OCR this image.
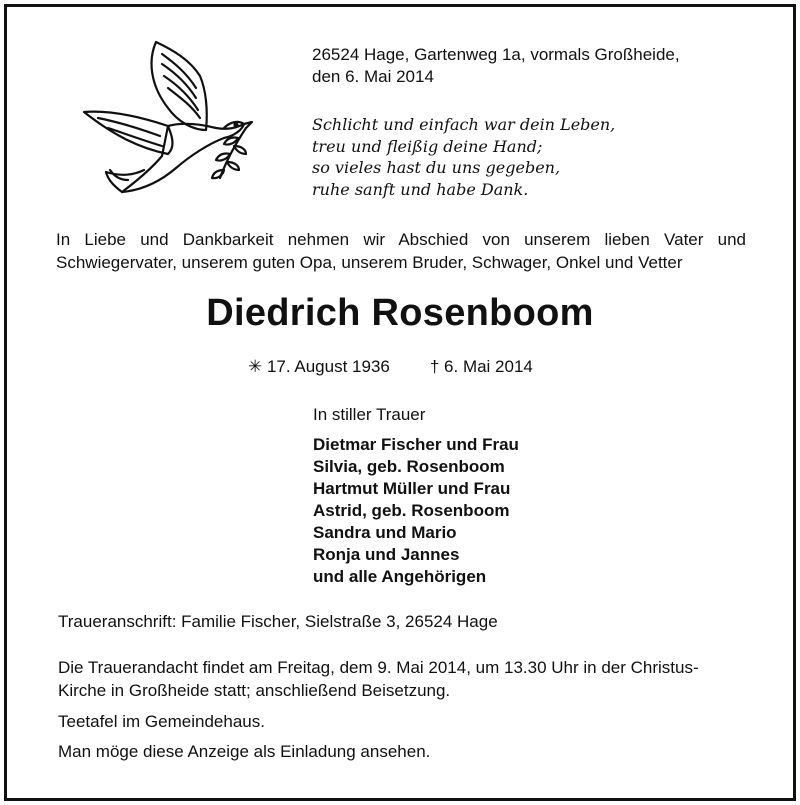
26524 Hage, Gartenweg 1a, vormals Großheide,
den 6. Mai 2014
Schlicht und einfach war dein Leben,
treu und fleißig deine Hand;
so vieles hast du uns gegeben,
ruhe sanft und habe Dank.
In Liebe und Dankbarkeit nehmen wir Abschied von unserem lieben Vater und
Schwiegervater, unserem guten Opa, unserem Bruder, Schwager, Onkel und Vetter
Diedrich Rosenboom
✳ 17. August 1936 † 6. Mai 2014
In stiller Trauer
Dietmar Fischer und Frau
Silvia, geb. Rosenboom
Hartmut Müller und Frau
Astrid, geb. Rosenboom
Sandra und Mario
Ronja und Jannes
und alle Angehörigen
Traueranschrift: Familie Fischer, Sielstraße 3, 26524 Hage
Die Trauerandacht findet am Freitag, dem 9. Mai 2014, um 13.30 Uhr in der Christus-
Kirche in Großheide statt; anschließend Beisetzung.
Teetafel im Gemeindehaus.
Man möge diese Anzeige als Einladung ansehen.
